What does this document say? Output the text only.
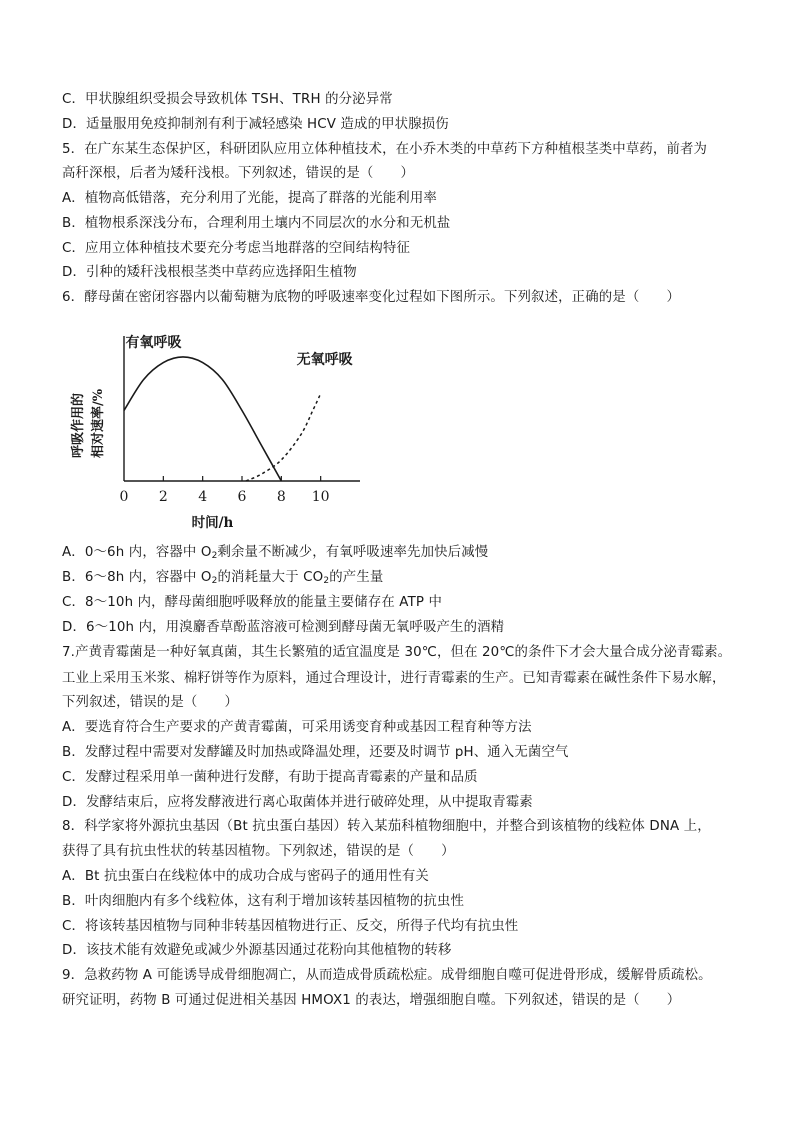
C．甲状腺组织受损会导致机体 TSH、TRH 的分泌异常
D．适量服用免疫抑制剂有利于减轻感染 HCV 造成的甲状腺损伤
5．在广东某生态保护区，科研团队应用立体种植技术，在小乔木类的中草药下方种植根茎类中草药，前者为
高秆深根，后者为矮秆浅根。下列叙述，错误的是（　　）
A．植物高低错落，充分利用了光能，提高了群落的光能利用率
B．植物根系深浅分布，合理利用土壤内不同层次的水分和无机盐
C．应用立体种植技术要充分考虑当地群落的空间结构特征
D．引种的矮秆浅根根茎类中草药应选择阳生植物
6．酵母菌在密闭容器内以葡萄糖为底物的呼吸速率变化过程如下图所示。下列叙述，正确的是（　　）
0 2 4 6 8 10
时间/h
呼吸作用的 相对速率/%
有氧呼吸
无氧呼吸
A．0～6h 内，容器中 $O_2$剩余量不断减少，有氧呼吸速率先加快后减慢
B．6～8h 内，容器中 $O_2$的消耗量大于 $CO_2$的产生量
C．8～10h 内，酵母菌细胞呼吸释放的能量主要储存在 ATP 中
D．6～10h 内，用溴麝香草酚蓝溶液可检测到酵母菌无氧呼吸产生的酒精
7.产黄青霉菌是一种好氧真菌，其生长繁殖的适宜温度是 30℃，但在 20℃的条件下才会大量合成分泌青霉素。
工业上采用玉米浆、棉籽饼等作为原料，通过合理设计，进行青霉素的生产。已知青霉素在碱性条件下易水解，
下列叙述，错误的是（　　）
A．要选育符合生产要求的产黄青霉菌，可采用诱变育种或基因工程育种等方法
B．发酵过程中需要对发酵罐及时加热或降温处理，还要及时调节 pH、通入无菌空气
C．发酵过程采用单一菌种进行发酵，有助于提高青霉素的产量和品质
D．发酵结束后，应将发酵液进行离心取菌体并进行破碎处理，从中提取青霉素
8．科学家将外源抗虫基因（Bt 抗虫蛋白基因）转入某茄科植物细胞中，并整合到该植物的线粒体 DNA 上，
获得了具有抗虫性状的转基因植物。下列叙述，错误的是（　　）
A．Bt 抗虫蛋白在线粒体中的成功合成与密码子的通用性有关
B．叶肉细胞内有多个线粒体，这有利于增加该转基因植物的抗虫性
C．将该转基因植物与同种非转基因植物进行正、反交，所得子代均有抗虫性
D．该技术能有效避免或减少外源基因通过花粉向其他植物的转移
9．急救药物 A 可能诱导成骨细胞凋亡，从而造成骨质疏松症。成骨细胞自噬可促进骨形成，缓解骨质疏松。
研究证明，药物 B 可通过促进相关基因 HMOX1 的表达，增强细胞自噬。下列叙述，错误的是（　　）
